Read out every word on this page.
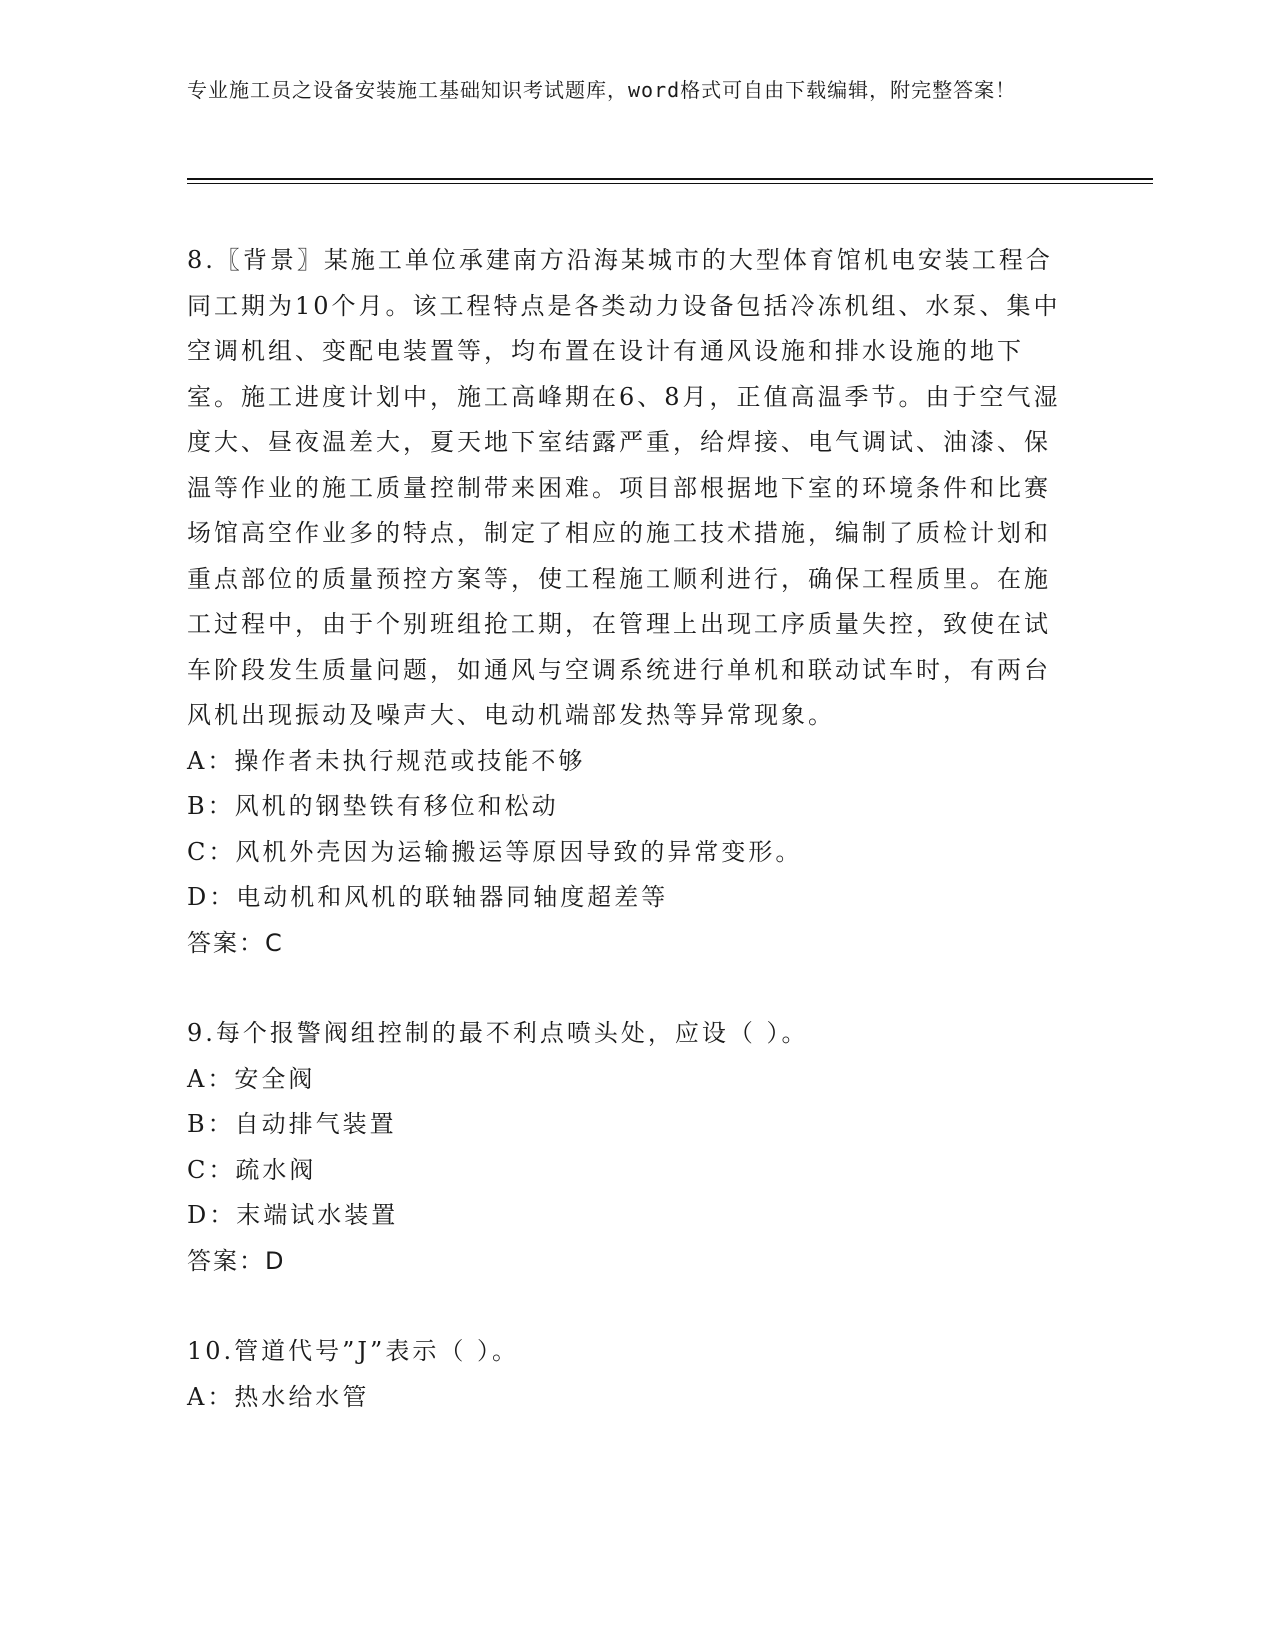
专业施工员之设备安装施工基础知识考试题库，word格式可自由下载编辑，附完整答案！

8.〖背景〗某施工单位承建南方沿海某城市的大型体育馆机电安装工程合同工期为10个月。该工程特点是各类动力设备包括冷冻机组、水泵、集中空调机组、变配电装置等，均布置在设计有通风设施和排水设施的地下室。施工进度计划中，施工高峰期在6、8月，正值高温季节。由于空气湿度大、昼夜温差大，夏天地下室结露严重，给焊接、电气调试、油漆、保温等作业的施工质量控制带来困难。项目部根据地下室的环境条件和比赛场馆高空作业多的特点，制定了相应的施工技术措施，编制了质检计划和重点部位的质量预控方案等，使工程施工顺利进行，确保工程质里。在施工过程中，由于个别班组抢工期，在管理上出现工序质量失控，致使在试车阶段发生质量问题，如通风与空调系统进行单机和联动试车时，有两台风机出现振动及噪声大、电动机端部发热等异常现象。

A：操作者未执行规范或技能不够

B：风机的钢垫铁有移位和松动

C：风机外壳因为运输搬运等原因导致的异常变形。

D：电动机和风机的联轴器同轴度超差等

答案：C

9.每个报警阀组控制的最不利点喷头处，应设（ ）。

A：安全阀

B：自动排气装置

C：疏水阀

D：末端试水装置

答案：D

10.管道代号”J”表示（ ）。

A：热水给水管
